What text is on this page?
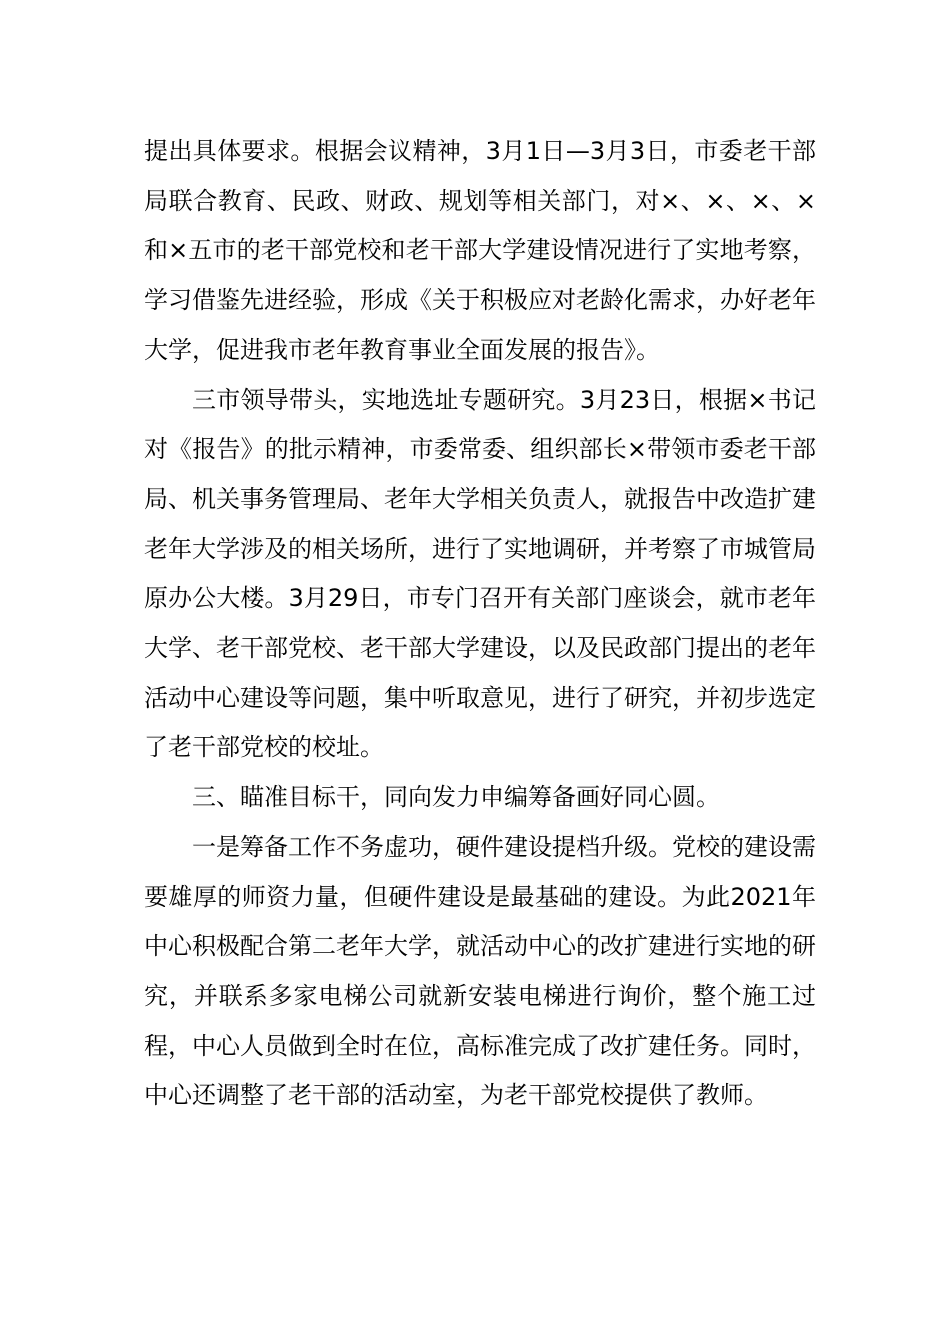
提出具体要求。根据会议精神，3月1日—3月3日，市委老干部局联合教育、民政、财政、规划等相关部门，对×、×、×、×和×五市的老干部党校和老干部大学建设情况进行了实地考察，学习借鉴先进经验，形成《关于积极应对老龄化需求，办好老年大学，促进我市老年教育事业全面发展的报告》。

三市领导带头，实地选址专题研究。3月23日，根据×书记对《报告》的批示精神，市委常委、组织部长×带领市委老干部局、机关事务管理局、老年大学相关负责人，就报告中改造扩建老年大学涉及的相关场所，进行了实地调研，并考察了市城管局原办公大楼。3月29日，市专门召开有关部门座谈会，就市老年大学、老干部党校、老干部大学建设，以及民政部门提出的老年活动中心建设等问题，集中听取意见，进行了研究，并初步选定了老干部党校的校址。

三、瞄准目标干，同向发力申编筹备画好同心圆。

一是筹备工作不务虚功，硬件建设提档升级。党校的建设需要雄厚的师资力量，但硬件建设是最基础的建设。为此2021年中心积极配合第二老年大学，就活动中心的改扩建进行实地的研究，并联系多家电梯公司就新安装电梯进行询价，整个施工过程，中心人员做到全时在位，高标准完成了改扩建任务。同时，中心还调整了老干部的活动室，为老干部党校提供了教师。
